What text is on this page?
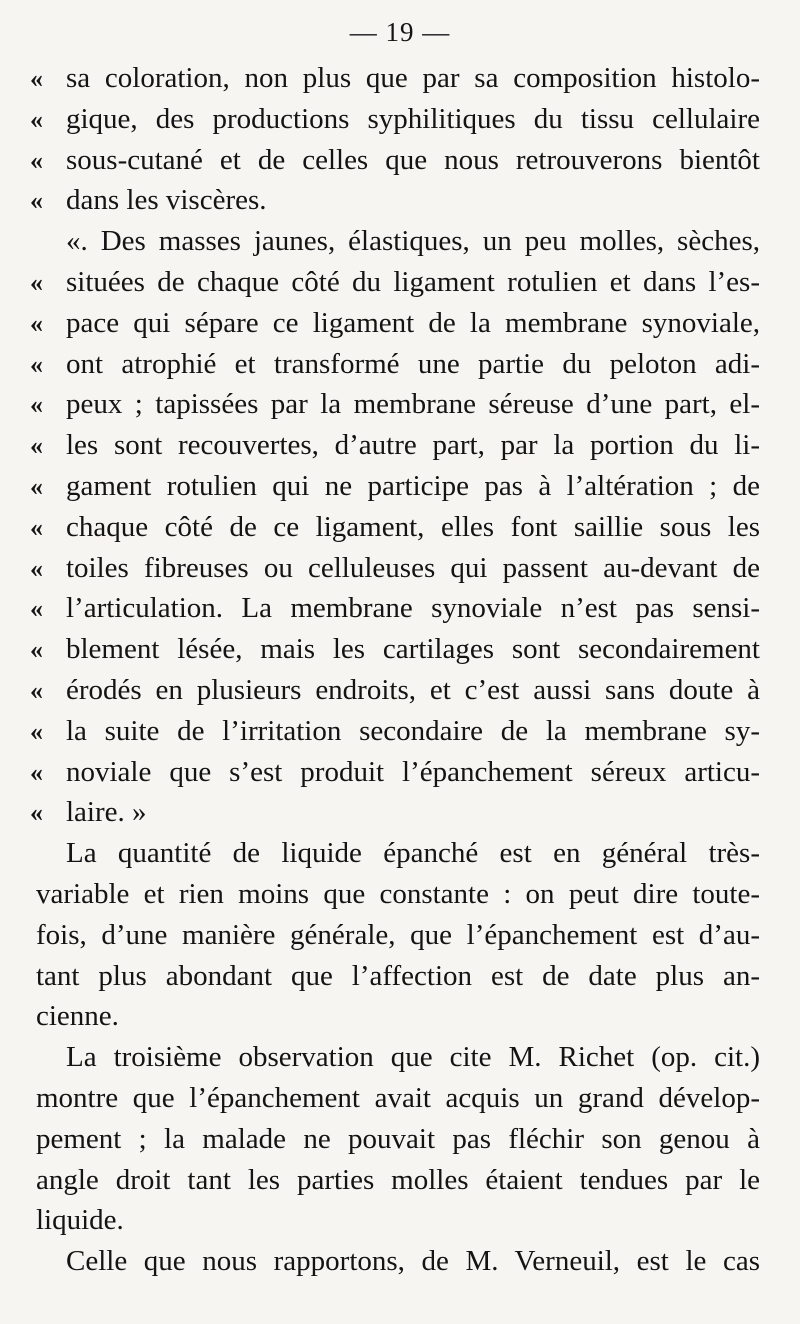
— 19 —
« sa coloration, non plus que par sa composition histolo-
« gique, des productions syphilitiques du tissu cellulaire
« sous-cutané et de celles que nous retrouverons bientôt
« dans les viscères.
«. Des masses jaunes, élastiques, un peu molles, sèches,
« situées de chaque côté du ligament rotulien et dans l’es-
« pace qui sépare ce ligament de la membrane synoviale,
« ont atrophié et transformé une partie du peloton adi-
« peux ; tapissées par la membrane séreuse d’une part, el-
« les sont recouvertes, d’autre part, par la portion du li-
« gament rotulien qui ne participe pas à l’altération ; de
« chaque côté de ce ligament, elles font saillie sous les
« toiles fibreuses ou celluleuses qui passent au-devant de
« l’articulation. La membrane synoviale n’est pas sensi-
« blement lésée, mais les cartilages sont secondairement
« érodés en plusieurs endroits, et c’est aussi sans doute à
« la suite de l’irritation secondaire de la membrane sy-
« noviale que s’est produit l’épanchement séreux articu-
« laire. »
La quantité de liquide épanché est en général très-
variable et rien moins que constante : on peut dire toute-
fois, d’une manière générale, que l’épanchement est d’au-
tant plus abondant que l’affection est de date plus an-
cienne.
La troisième observation que cite M. Richet (op. cit.)
montre que l’épanchement avait acquis un grand dévelop-
pement ; la malade ne pouvait pas fléchir son genou à
angle droit tant les parties molles étaient tendues par le
liquide.
Celle que nous rapportons, de M. Verneuil, est le cas
